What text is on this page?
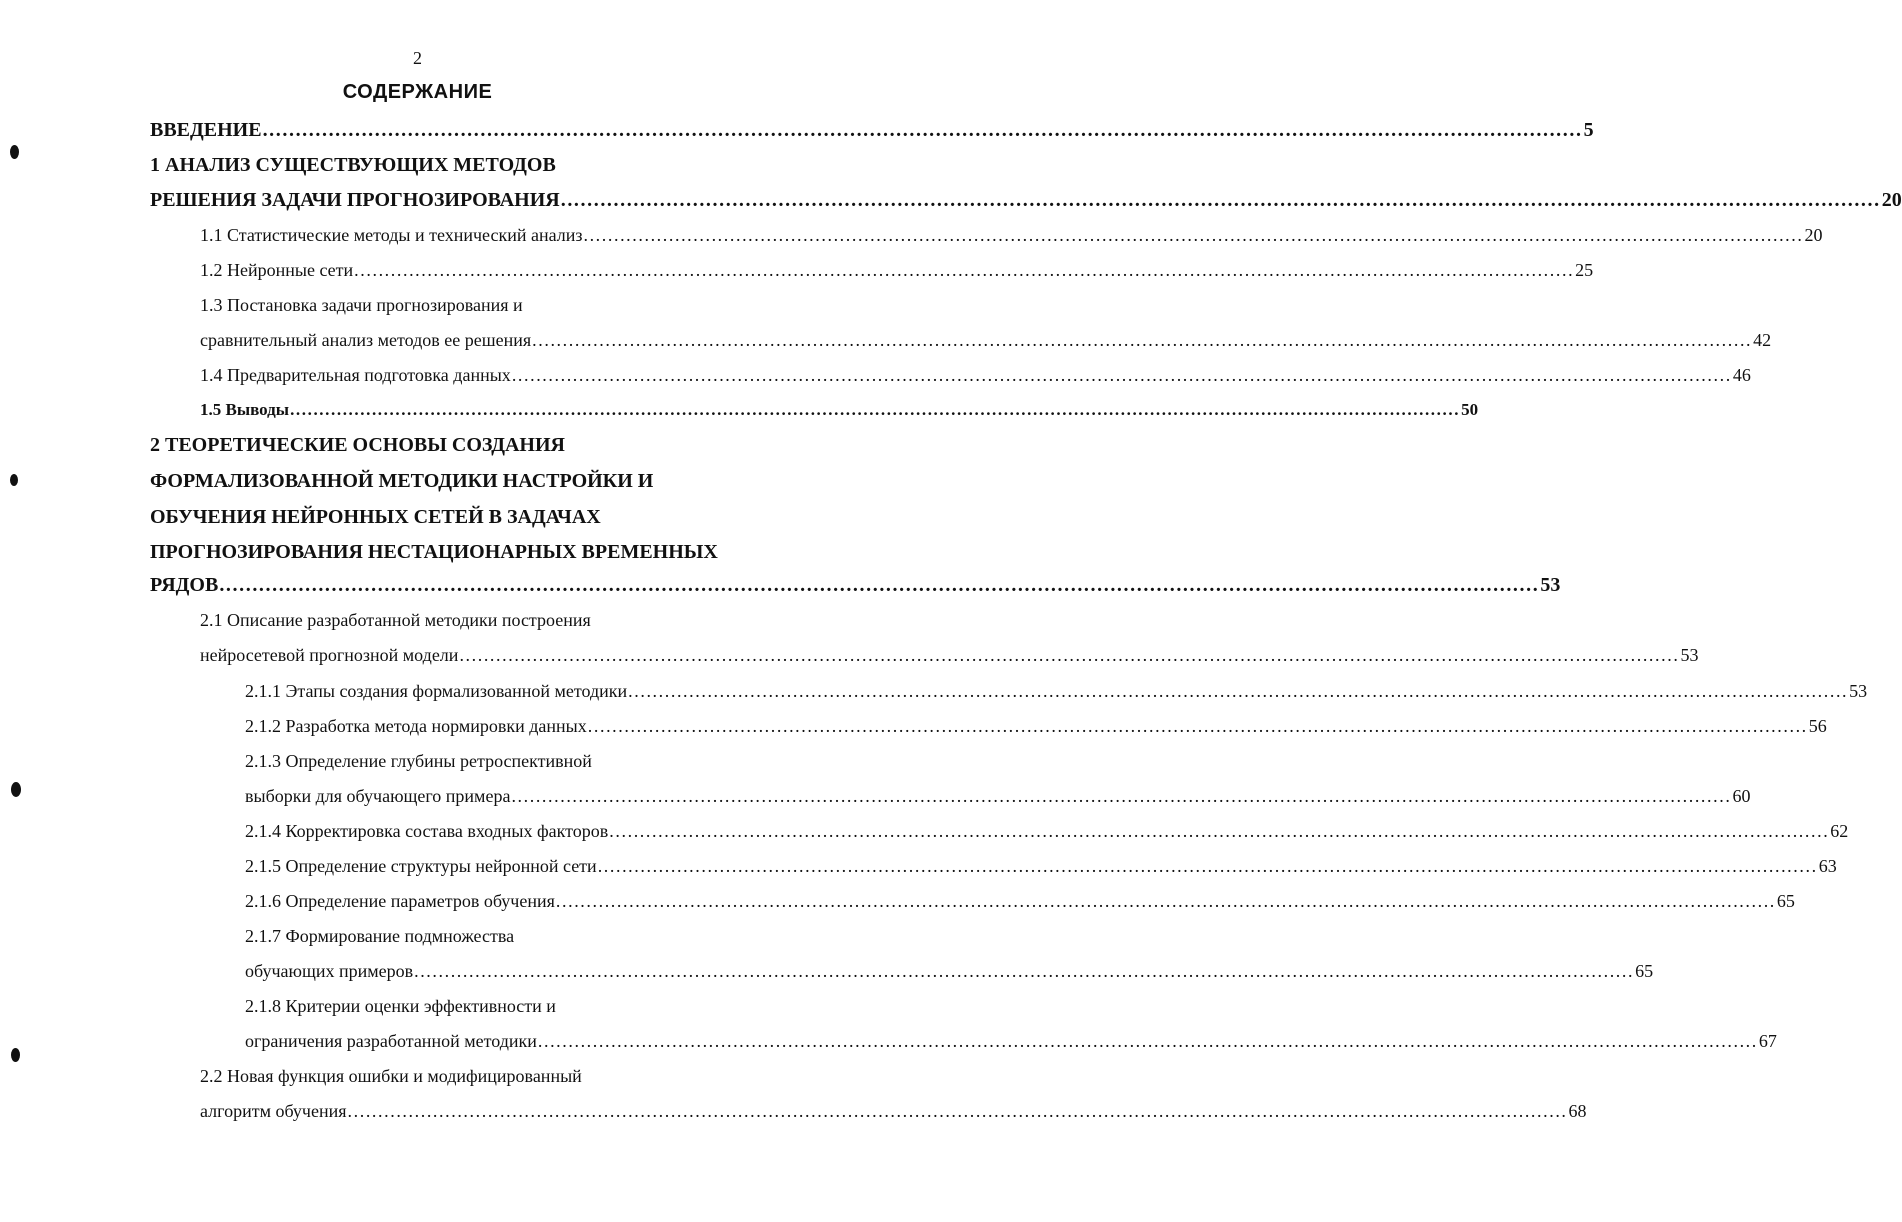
2
СОДЕРЖАНИЕ
ВВЕДЕНИЕ ........................................................................................................................................................................................................ 5
1 АНАЛИЗ СУЩЕСТВУЮЩИХ МЕТОДОВ
РЕШЕНИЯ ЗАДАЧИ ПРОГНОЗИРОВАНИЯ ........................................................................................................................................................................................................ 20
1.1 Статистические методы и технический анализ ........................................................................................................................................................................................................ 20
1.2 Нейронные сети ........................................................................................................................................................................................................ 25
1.3 Постановка задачи прогнозирования и
сравнительный анализ методов ее решения ........................................................................................................................................................................................................ 42
1.4 Предварительная подготовка данных ........................................................................................................................................................................................................ 46
1.5 Выводы ........................................................................................................................................................................................................ 50
2 ТЕОРЕТИЧЕСКИЕ ОСНОВЫ СОЗДАНИЯ
ФОРМАЛИЗОВАННОЙ МЕТОДИКИ НАСТРОЙКИ И
ОБУЧЕНИЯ НЕЙРОННЫХ СЕТЕЙ В ЗАДАЧАХ
ПРОГНОЗИРОВАНИЯ НЕСТАЦИОНАРНЫХ ВРЕМЕННЫХ
РЯДОВ ........................................................................................................................................................................................................ 53
2.1 Описание разработанной методики построения
нейросетевой прогнозной модели ........................................................................................................................................................................................................ 53
2.1.1 Этапы создания формализованной методики ........................................................................................................................................................................................................ 53
2.1.2 Разработка метода нормировки данных ........................................................................................................................................................................................................ 56
2.1.3 Определение глубины ретроспективной
выборки для обучающего примера ........................................................................................................................................................................................................ 60
2.1.4 Корректировка состава входных факторов ........................................................................................................................................................................................................ 62
2.1.5 Определение структуры нейронной сети ........................................................................................................................................................................................................ 63
2.1.6 Определение параметров обучения ........................................................................................................................................................................................................ 65
2.1.7 Формирование подмножества
обучающих примеров ........................................................................................................................................................................................................ 65
2.1.8 Критерии оценки эффективности и
ограничения разработанной методики ........................................................................................................................................................................................................ 67
2.2 Новая функция ошибки и модифицированный
алгоритм обучения ........................................................................................................................................................................................................ 68
